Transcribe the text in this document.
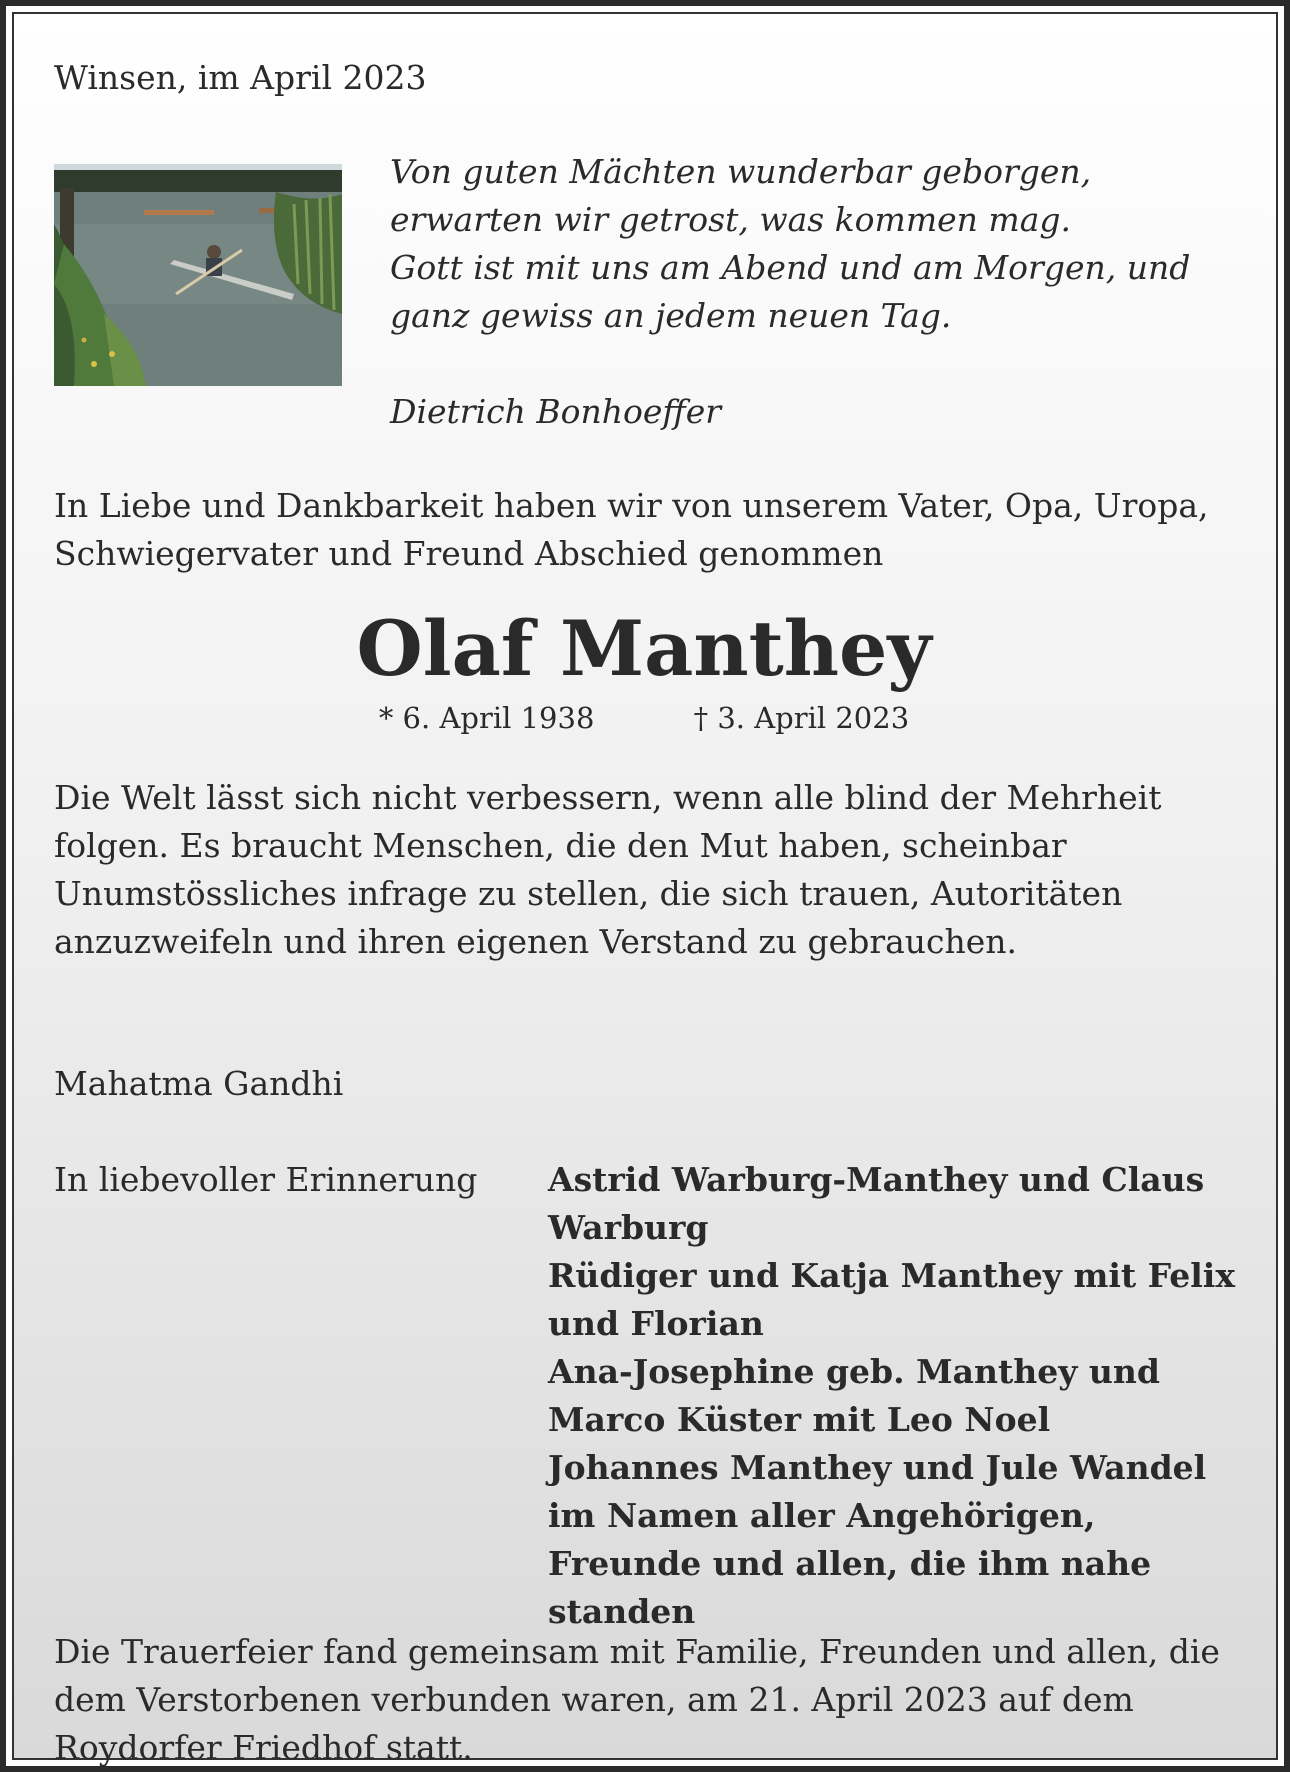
Winsen, im April 2023

Von guten Mächten wunderbar geborgen, erwarten wir getrost, was kommen mag.

Gott ist mit uns am Abend und am Morgen, und ganz gewiss an jedem neuen Tag.

Dietrich Bonhoeffer

In Liebe und Dankbarkeit haben wir von unserem Vater, Opa, Uropa, Schwiegervater und Freund Abschied genommen

Olaf Manthey
* 6. April 1938	† 3. April 2023

Die Welt lässt sich nicht verbessern, wenn alle blind der Mehrheit folgen. Es braucht Menschen, die den Mut haben, scheinbar Unumstössliches infrage zu stellen, die sich trauen, Autoritäten anzuzweifeln und ihren eigenen Verstand zu gebrauchen.

Mahatma Gandhi

In liebevoller Erinnerung Astrid Warburg-Manthey und Claus Warburg
Rüdiger und Katja Manthey mit Felix und Florian
Ana-Josephine geb. Manthey und Marco Küster mit Leo Noel
Johannes Manthey und Jule Wandel
im Namen aller Angehörigen, Freunde und allen, die ihm nahe standen

Die Trauerfeier fand gemeinsam mit Familie, Freunden und allen, die dem Verstorbenen verbunden waren, am 21. April 2023 auf dem Roydorfer Friedhof statt.
